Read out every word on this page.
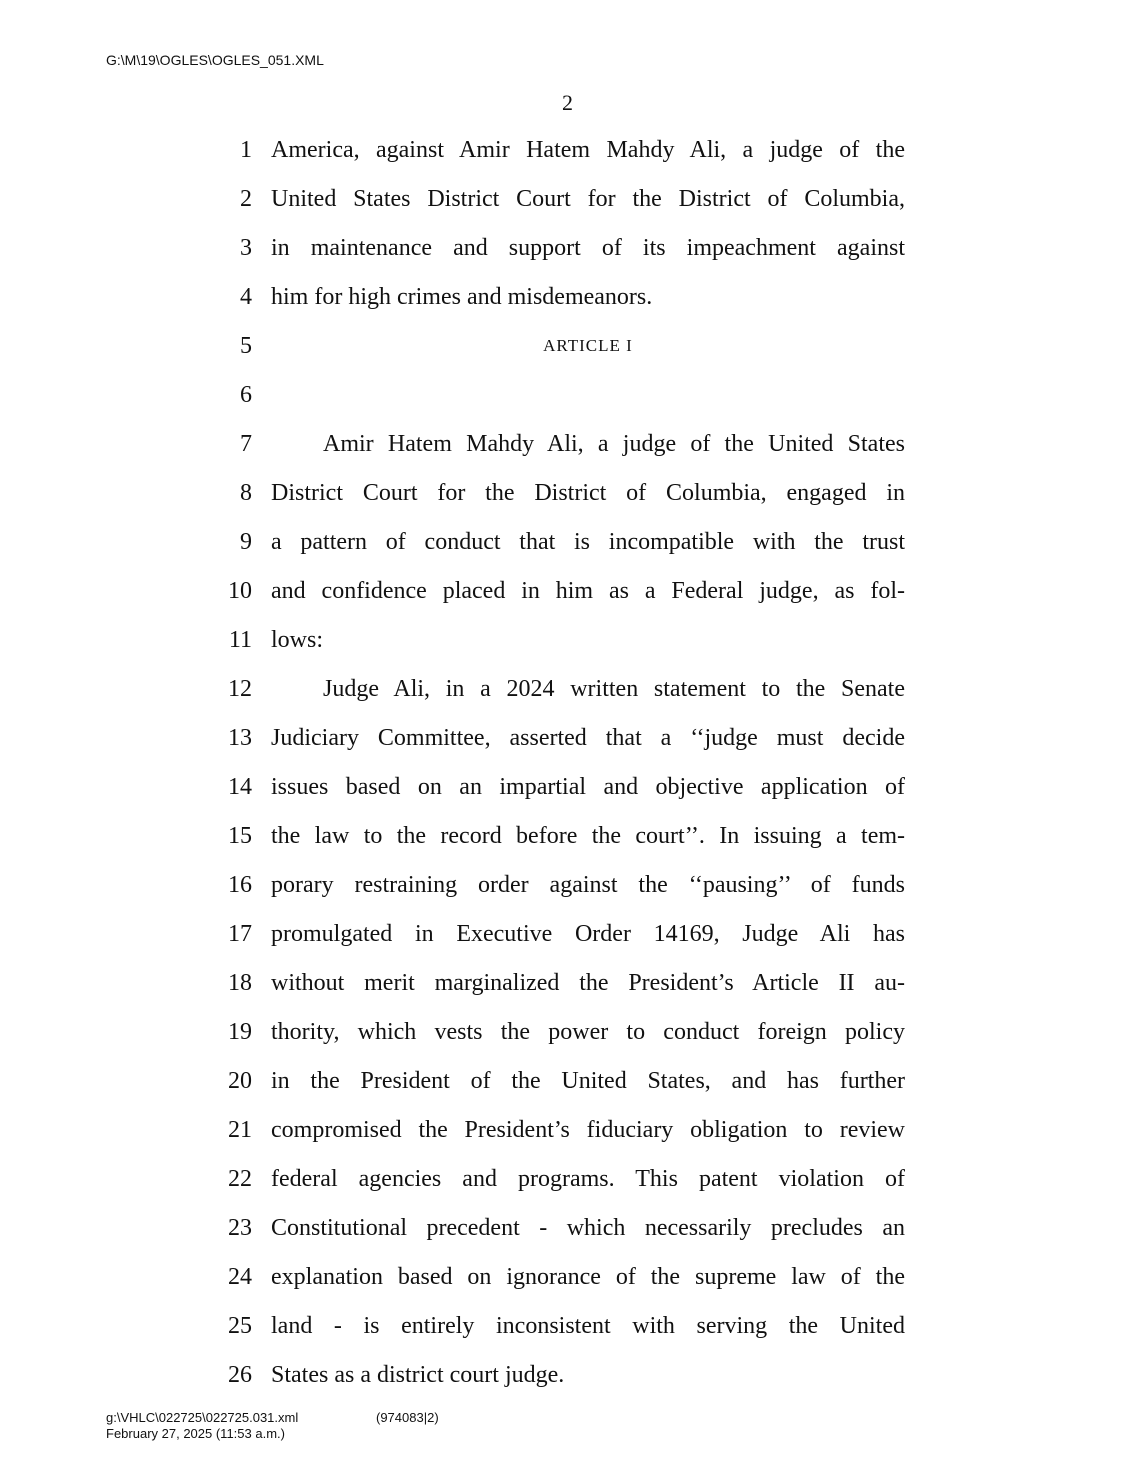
G:\M\19\OGLES\OGLES_051.XML
2
1 America, against Amir Hatem Mahdy Ali, a judge of the
2 United States District Court for the District of Columbia,
3 in maintenance and support of its impeachment against
4 him for high crimes and misdemeanors.
5	ARTICLE I
6
7	Amir Hatem Mahdy Ali, a judge of the United States
8 District Court for the District of Columbia, engaged in
9 a pattern of conduct that is incompatible with the trust
10 and confidence placed in him as a Federal judge, as fol-
11 lows:
12	Judge Ali, in a 2024 written statement to the Senate
13 Judiciary Committee, asserted that a ‘‘judge must decide
14 issues based on an impartial and objective application of
15 the law to the record before the court’’. In issuing a tem-
16 porary restraining order against the ‘‘pausing’’ of funds
17 promulgated in Executive Order 14169, Judge Ali has
18 without merit marginalized the President’s Article II au-
19 thority, which vests the power to conduct foreign policy
20 in the President of the United States, and has further
21 compromised the President’s fiduciary obligation to review
22 federal agencies and programs. This patent violation of
23 Constitutional precedent - which necessarily precludes an
24 explanation based on ignorance of the supreme law of the
25 land - is entirely inconsistent with serving the United
26 States as a district court judge.
g:\VHLC\022725\022725.031.xml	(974083|2)
February 27, 2025 (11:53 a.m.)
